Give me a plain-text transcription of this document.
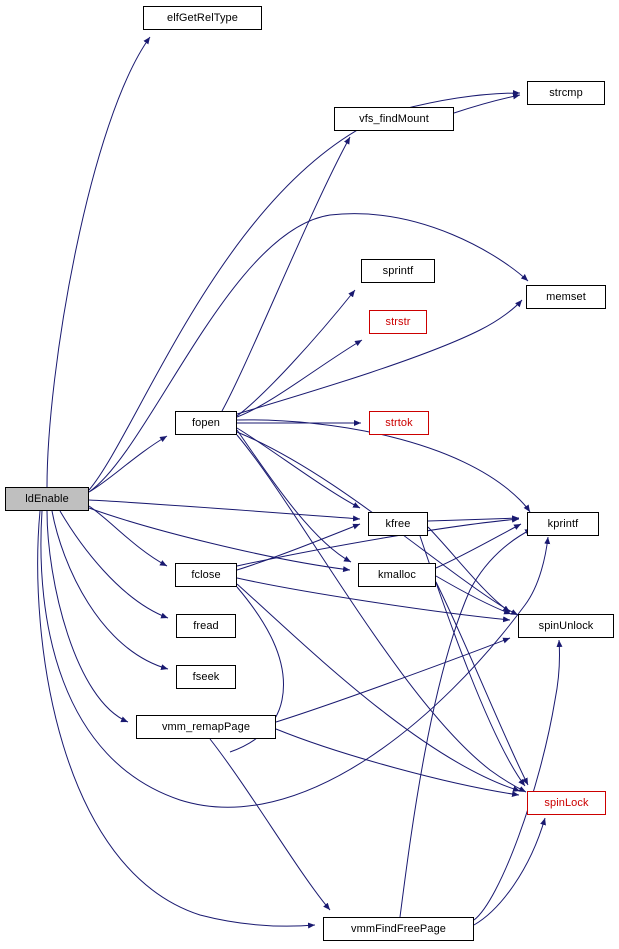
ldEnable
elfGetRelType
vfs_findMount
strcmp
sprintf
strstr
memset
fopen	strtok
kfree	kprintf
fclose	kmalloc
spinUnlock
fread
fseek
vmm_remapPage
spinLock
vmmFindFreePage
